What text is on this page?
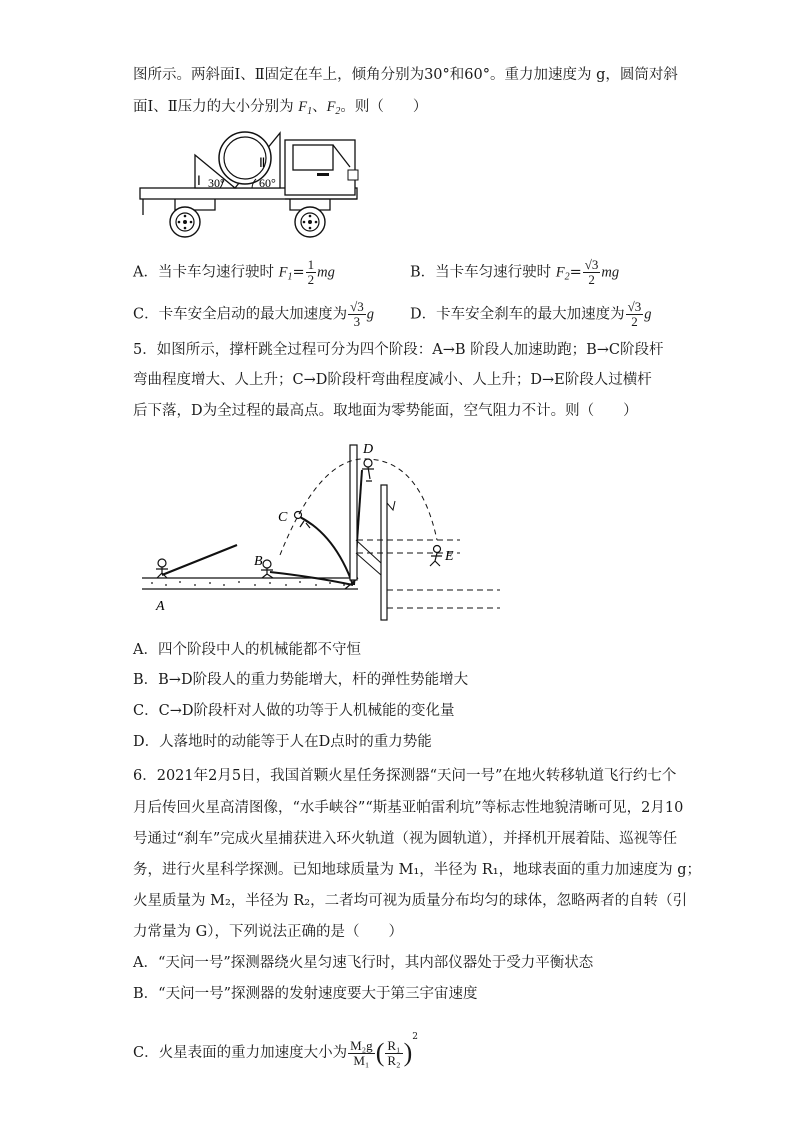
图所示。两斜面Ⅰ、Ⅱ固定在车上，倾角分别为30°和60°。重力加速度为 g，圆筒对斜
面Ⅰ、Ⅱ压力的大小分别为 $F_1$、$F_2$。则（　　）
Ⅰ
Ⅱ
30°	60°
A．当卡车匀速行驶时 $F_1= \frac{1}{2}$ mg	B．当卡车匀速行驶时 $F_2= \frac{√3}{2}$ mg
C．卡车安全启动的最大加速度为 $\frac{√3}{3}$ g D．卡车安全刹车的最大加速度为 $\frac{√3}{2}$ g
5．如图所示，撑杆跳全过程可分为四个阶段：A→B 阶段人加速助跑；B→C阶段杆
弯曲程度增大、人上升；C→D阶段杆弯曲程度减小、人上升；D→E阶段人过横杆
后下落，D为全过程的最高点。取地面为零势能面，空气阻力不计。则（　　）
A
B
C
D
E
A．四个阶段中人的机械能都不守恒
B．B→D阶段人的重力势能增大，杆的弹性势能增大
C．C→D阶段杆对人做的功等于人机械能的变化量
D．人落地时的动能等于人在D点时的重力势能
6．2021年2月5日，我国首颗火星任务探测器“天问一号”在地火转移轨道飞行约七个
月后传回火星高清图像，“水手峡谷”“斯基亚帕雷利坑”等标志性地貌清晰可见，2月10
号通过“刹车”完成火星捕获进入环火轨道（视为圆轨道），并择机开展着陆、巡视等任
务，进行火星科学探测。已知地球质量为 M₁，半径为 R₁，地球表面的重力加速度为 g；
火星质量为 M₂，半径为 R₂，二者均可视为质量分布均匀的球体，忽略两者的自转（引
力常量为 G），下列说法正确的是（　　）
A．“天问一号”探测器绕火星匀速飞行时，其内部仪器处于受力平衡状态
B．“天问一号”探测器的发射速度要大于第三宇宙速度
C．火星表面的重力加速度大小为 $\frac{\text{M₂g}}{\text{M₁}}$ ( $\frac{\text{R₁}}{\text{R₂}} )^2$
